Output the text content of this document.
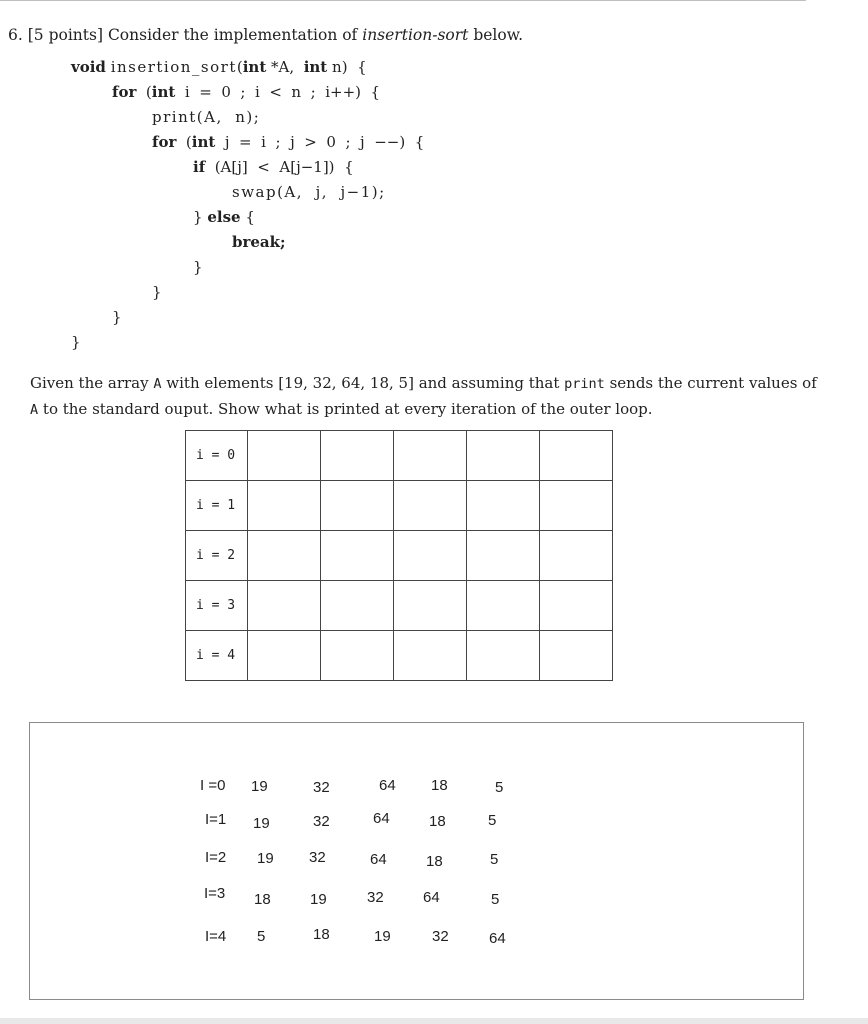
6. [5 points] Consider the implementation of insertion-sort below.
void insertion_sort(int *A, int n)  {
for (int i  =  0  ;  i  <  n  ;  i++)  {
print(A,  n);
for (int j  =  i  ;  j  >  0  ;  j  −−)  {
if (A[j]  <  A[j−1])  {
swap(A,  j,  j−1);
} else {
break;
}
}
}
}
Given the array A with elements [19, 32, 64, 18, 5] and assuming that print sends the current values of A to the standard ouput. Show what is printed at every iteration of the outer loop.
i = 0					
i = 1					
i = 2					
i = 3					
i = 4					
I =0 19	32	64 18	5
I=1 19	32	64	18	5
I=2 19 32	64	18	5
I=3 18	19	32	64	5
I=4 5	18	19	32	64
